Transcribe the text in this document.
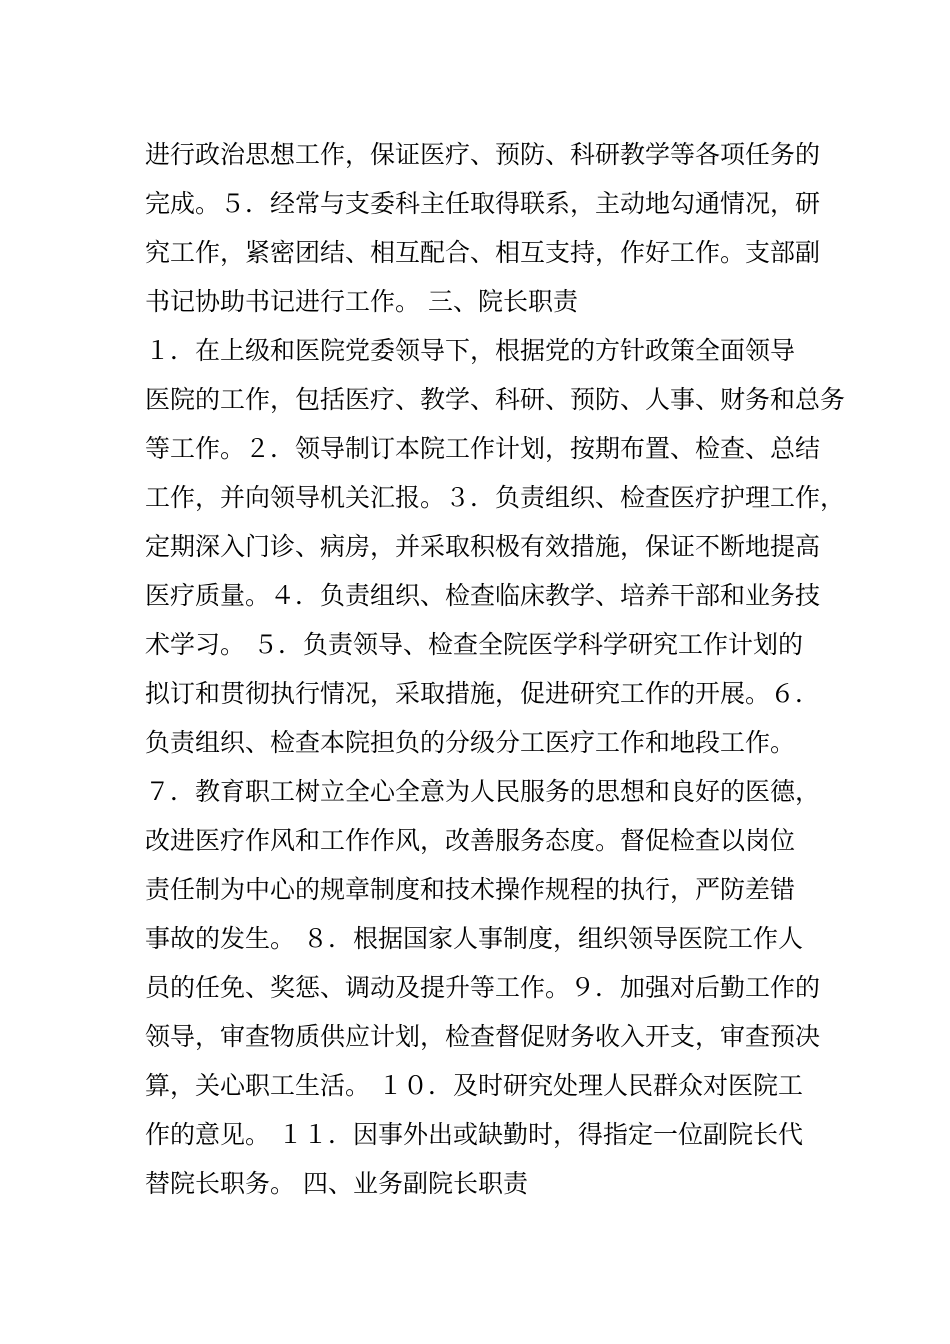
进行政治思想工作，保证医疗、预防、科研教学等各项任务的
完成。５．经常与支委科主任取得联系，主动地勾通情况，研
究工作，紧密团结、相互配合、相互支持，作好工作。支部副
书记协助书记进行工作。 三、院长职责
１．在上级和医院党委领导下，根据党的方针政策全面领导
医院的工作，包括医疗、教学、科研、预防、人事、财务和总务
等工作。２．领导制订本院工作计划，按期布置、检查、总结
工作，并向领导机关汇报。３．负责组织、检查医疗护理工作，
定期深入门诊、病房，并采取积极有效措施，保证不断地提高
医疗质量。４．负责组织、检查临床教学、培养干部和业务技
术学习。 ５．负责领导、检查全院医学科学研究工作计划的
拟订和贯彻执行情况，采取措施，促进研究工作的开展。６．
负责组织、检查本院担负的分级分工医疗工作和地段工作。
７．教育职工树立全心全意为人民服务的思想和良好的医德，
改进医疗作风和工作作风，改善服务态度。督促检查以岗位
责任制为中心的规章制度和技术操作规程的执行，严防差错
事故的发生。 ８．根据国家人事制度，组织领导医院工作人
员的任免、奖惩、调动及提升等工作。９．加强对后勤工作的
领导，审查物质供应计划，检查督促财务收入开支，审查预决
算，关心职工生活。 １０．及时研究处理人民群众对医院工
作的意见。 １１．因事外出或缺勤时，得指定一位副院长代
替院长职务。 四、业务副院长职责
